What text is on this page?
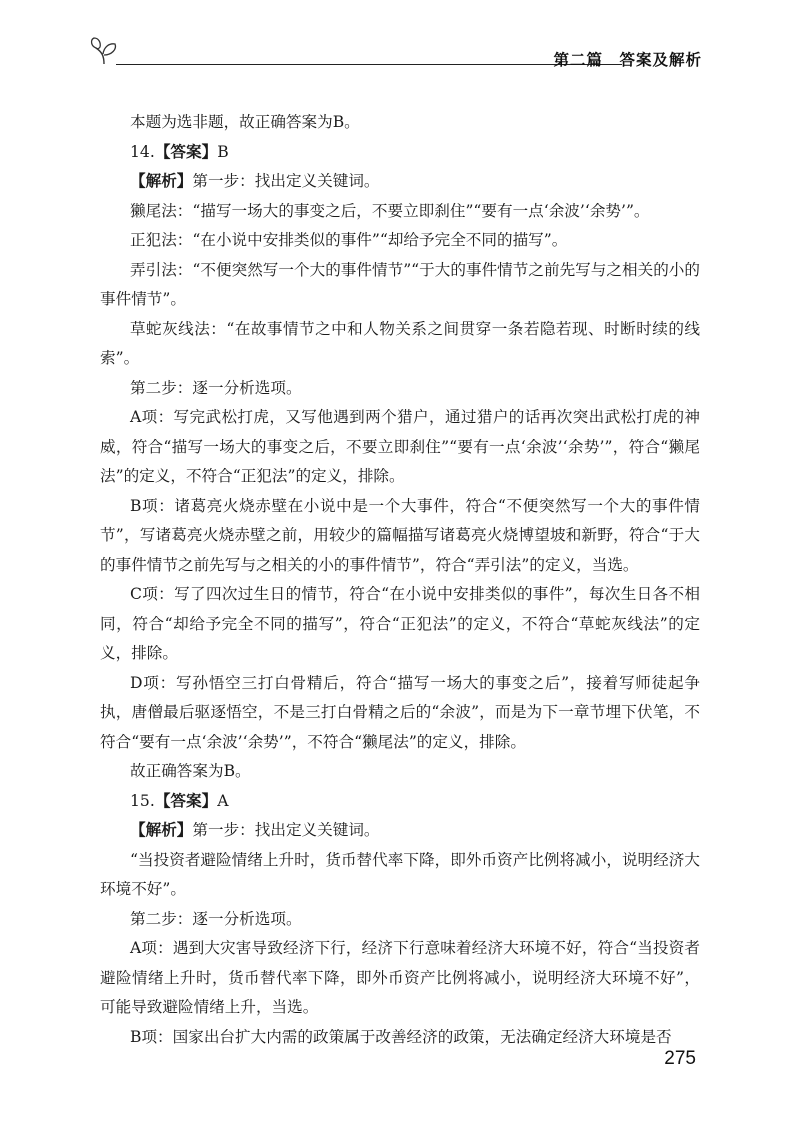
第二篇　答案及解析

本题为选非题，故正确答案为B。

14.【答案】B

【解析】第一步：找出定义关键词。

獭尾法：“描写一场大的事变之后，不要立即刹住”“要有一点‘余波’‘余势’”。

正犯法：“在小说中安排类似的事件”“却给予完全不同的描写”。

弄引法：“不便突然写一个大的事件情节”“于大的事件情节之前先写与之相关的小的事件情节”。

草蛇灰线法：“在故事情节之中和人物关系之间贯穿一条若隐若现、时断时续的线索”。

第二步：逐一分析选项。

A项：写完武松打虎，又写他遇到两个猎户，通过猎户的话再次突出武松打虎的神威，符合“描写一场大的事变之后，不要立即刹住”“要有一点‘余波’‘余势’”，符合“獭尾法”的定义，不符合“正犯法”的定义，排除。

B项：诸葛亮火烧赤壁在小说中是一个大事件，符合“不便突然写一个大的事件情节”，写诸葛亮火烧赤壁之前，用较少的篇幅描写诸葛亮火烧博望坡和新野，符合“于大的事件情节之前先写与之相关的小的事件情节”，符合“弄引法”的定义，当选。

C项：写了四次过生日的情节，符合“在小说中安排类似的事件”，每次生日各不相同，符合“却给予完全不同的描写”，符合“正犯法”的定义，不符合“草蛇灰线法”的定义，排除。

D项：写孙悟空三打白骨精后，符合“描写一场大的事变之后”，接着写师徒起争执，唐僧最后驱逐悟空，不是三打白骨精之后的“余波”，而是为下一章节埋下伏笔，不符合“要有一点‘余波’‘余势’”，不符合“獭尾法”的定义，排除。

故正确答案为B。

15.【答案】A

【解析】第一步：找出定义关键词。

“当投资者避险情绪上升时，货币替代率下降，即外币资产比例将减小，说明经济大环境不好”。

第二步：逐一分析选项。

A项：遇到大灾害导致经济下行，经济下行意味着经济大环境不好，符合“当投资者避险情绪上升时，货币替代率下降，即外币资产比例将减小，说明经济大环境不好”，可能导致避险情绪上升，当选。

B项：国家出台扩大内需的政策属于改善经济的政策，无法确定经济大环境是否

275
